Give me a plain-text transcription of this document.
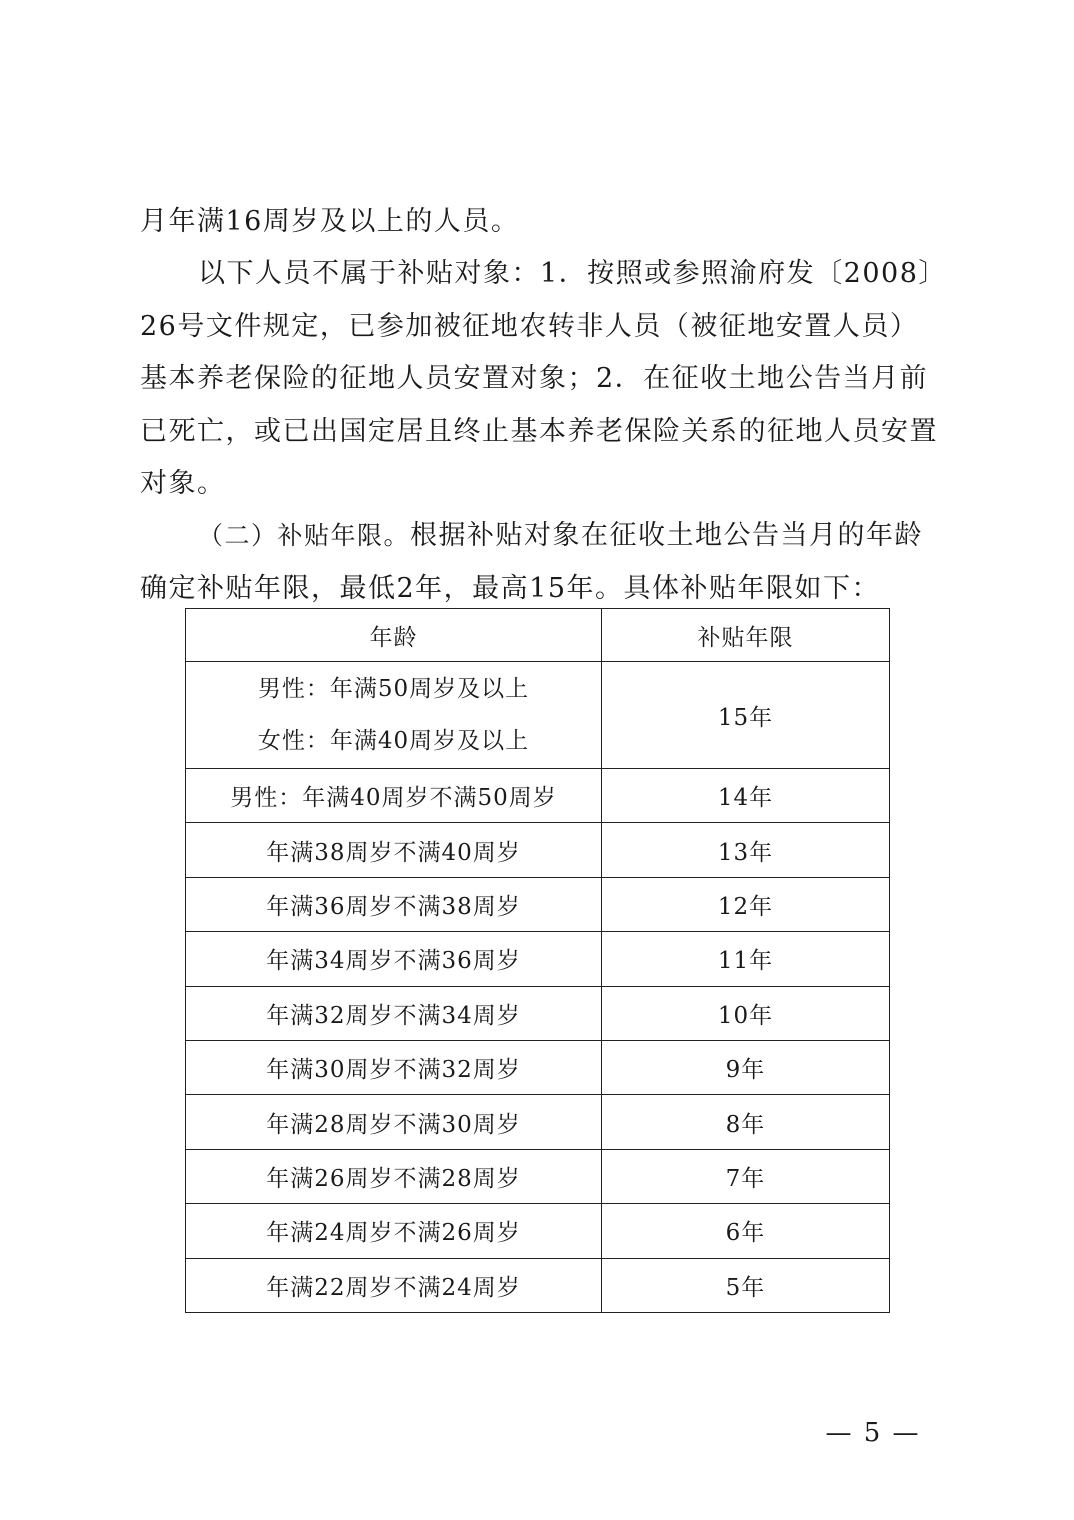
月年满16周岁及以上的人员。

以下人员不属于补贴对象：1．按照或参照渝府发〔2008〕26号文件规定，已参加被征地农转非人员（被征地安置人员）基本养老保险的征地人员安置对象；2．在征收土地公告当月前已死亡，或已出国定居且终止基本养老保险关系的征地人员安置对象。

（二）补贴年限。根据补贴对象在征收土地公告当月的年龄确定补贴年限，最低2年，最高15年。具体补贴年限如下：

年龄	补贴年限

男性：年满50周岁及以上
女性：年满40周岁及以上	15年
男性：年满40周岁不满50周岁	14年
年满38周岁不满40周岁	13年
年满36周岁不满38周岁	12年
年满34周岁不满36周岁	11年
年满32周岁不满34周岁	10年
年满30周岁不满32周岁	9年
年满28周岁不满30周岁	8年
年满26周岁不满28周岁	7年
年满24周岁不满26周岁	6年
年满22周岁不满24周岁	5年
— 5 —
